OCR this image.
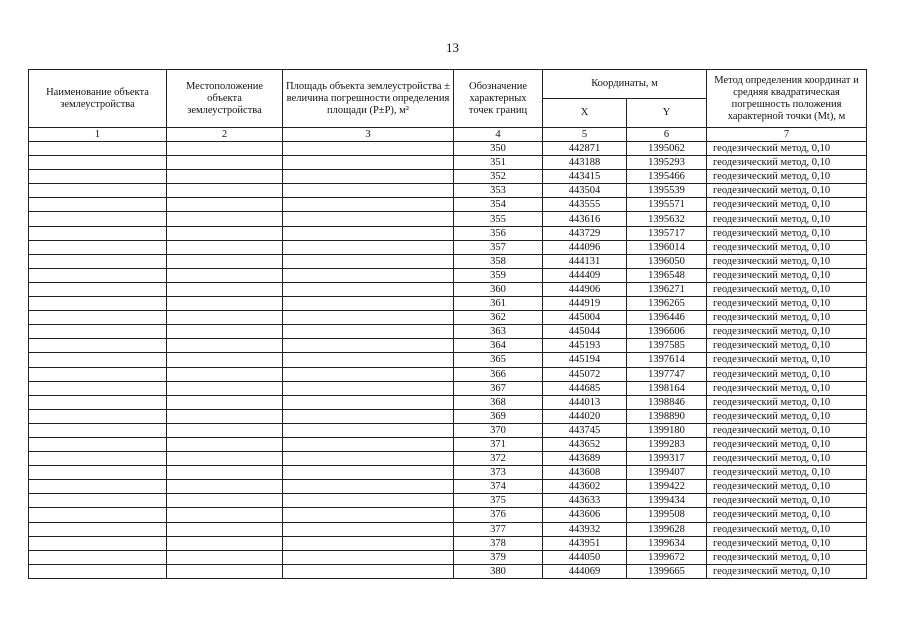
13
Наименование объекта землеустройства	Местоположение объекта землеустройства	Площадь объекта землеустройства ± величина погрешности определения площади (P±P), м²	Обозначение характерных точек границ	Координаты, м		Метод определения координат и средняя квадратическая погрешность положения характерной точки (Mt), м
				X	Y	
1	2	3	4	5	6	7
			350	442871	1395062	геодезический метод, 0,10
			351	443188	1395293	геодезический метод, 0,10
			352	443415	1395466	геодезический метод, 0,10
			353	443504	1395539	геодезический метод, 0,10
			354	443555	1395571	геодезический метод, 0,10
			355	443616	1395632	геодезический метод, 0,10
			356	443729	1395717	геодезический метод, 0,10
			357	444096	1396014	геодезический метод, 0,10
			358	444131	1396050	геодезический метод, 0,10
			359	444409	1396548	геодезический метод, 0,10
			360	444906	1396271	геодезический метод, 0,10
			361	444919	1396265	геодезический метод, 0,10
			362	445004	1396446	геодезический метод, 0,10
			363	445044	1396606	геодезический метод, 0,10
			364	445193	1397585	геодезический метод, 0,10
			365	445194	1397614	геодезический метод, 0,10
			366	445072	1397747	геодезический метод, 0,10
			367	444685	1398164	геодезический метод, 0,10
			368	444013	1398846	геодезический метод, 0,10
			369	444020	1398890	геодезический метод, 0,10
			370	443745	1399180	геодезический метод, 0,10
			371	443652	1399283	геодезический метод, 0,10
			372	443689	1399317	геодезический метод, 0,10
			373	443608	1399407	геодезический метод, 0,10
			374	443602	1399422	геодезический метод, 0,10
			375	443633	1399434	геодезический метод, 0,10
			376	443606	1399508	геодезический метод, 0,10
			377	443932	1399628	геодезический метод, 0,10
			378	443951	1399634	геодезический метод, 0,10
			379	444050	1399672	геодезический метод, 0,10
			380	444069	1399665	геодезический метод, 0,10
